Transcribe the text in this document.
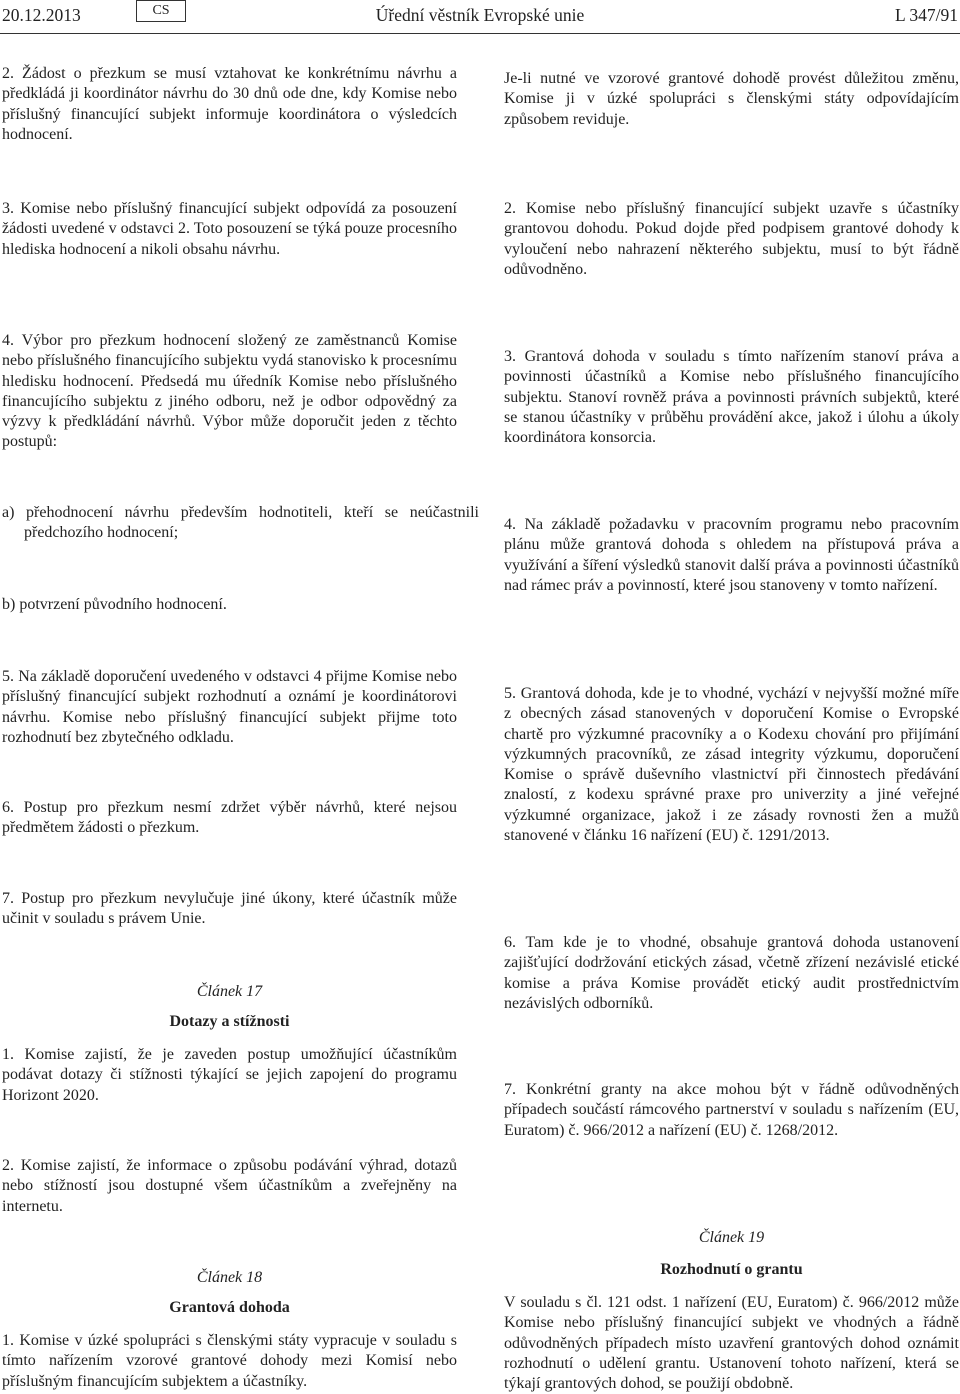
20.12.2013	CS	Úřední věstník Evropské unie	L 347/91

2. Žádost o přezkum se musí vztahovat ke konkrétnímu návrhu a předkládá ji koordinátor návrhu do 30 dnů ode dne, kdy Komise nebo příslušný financující subjekt informuje koordinátora o výsledcích hodnocení.

3. Komise nebo příslušný financující subjekt odpovídá za posouzení žádosti uvedené v odstavci 2. Toto posouzení se týká pouze procesního hlediska hodnocení a nikoli obsahu návrhu.

4. Výbor pro přezkum hodnocení složený ze zaměstnanců Komise nebo příslušného financujícího subjektu vydá stanovisko k procesnímu hledisku hodnocení. Předsedá mu úředník Komise nebo příslušného financujícího subjektu z jiného odboru, než je odbor odpovědný za výzvy k předkládání návrhů. Výbor může doporučit jeden z těchto postupů:

a) přehodnocení návrhu především hodnotiteli, kteří se neúčastnili předchozího hodnocení;

b) potvrzení původního hodnocení.

5. Na základě doporučení uvedeného v odstavci 4 přijme Komise nebo příslušný financující subjekt rozhodnutí a oznámí je koordinátorovi návrhu. Komise nebo příslušný financující subjekt přijme toto rozhodnutí bez zbytečného odkladu.

6. Postup pro přezkum nesmí zdržet výběr návrhů, které nejsou předmětem žádosti o přezkum.

7. Postup pro přezkum nevylučuje jiné úkony, které účastník může učinit v souladu s právem Unie.

Článek 17

Dotazy a stížnosti

1. Komise zajistí, že je zaveden postup umožňující účastníkům podávat dotazy či stížnosti týkající se jejich zapojení do programu Horizont 2020.

2. Komise zajistí, že informace o způsobu podávání výhrad, dotazů nebo stížností jsou dostupné všem účastníkům a zveřejněny na internetu.

Článek 18

Grantová dohoda

1. Komise v úzké spolupráci s členskými státy vypracuje v souladu s tímto nařízením vzorové grantové dohody mezi Komisí nebo příslušným financujícím subjektem a účastníky.

Je-li nutné ve vzorové grantové dohodě provést důležitou změnu, Komise ji v úzké spolupráci s členskými státy odpovídajícím způsobem reviduje.

2. Komise nebo příslušný financující subjekt uzavře s účastníky grantovou dohodu. Pokud dojde před podpisem grantové dohody k vyloučení nebo nahrazení některého subjektu, musí to být řádně odůvodněno.

3. Grantová dohoda v souladu s tímto nařízením stanoví práva a povinnosti účastníků a Komise nebo příslušného financujícího subjektu. Stanoví rovněž práva a povinnosti právních subjektů, které se stanou účastníky v průběhu provádění akce, jakož i úlohu a úkoly koordinátora konsorcia.

4. Na základě požadavku v pracovním programu nebo pracovním plánu může grantová dohoda s ohledem na přístupová práva a využívání a šíření výsledků stanovit další práva a povinnosti účastníků nad rámec práv a povinností, které jsou stanoveny v tomto nařízení.

5. Grantová dohoda, kde je to vhodné, vychází v nejvyšší možné míře z obecných zásad stanovených v doporučení Komise o Evropské chartě pro výzkumné pracovníky a o Kodexu chování pro přijímání výzkumných pracovníků, ze zásad integrity výzkumu, doporučení Komise o správě duševního vlastnictví při činnostech předávání znalostí, z kodexu správné praxe pro univerzity a jiné veřejné výzkumné organizace, jakož i ze zásady rovnosti žen a mužů stanovené v článku 16 nařízení (EU) č. 1291/2013.

6. Tam kde je to vhodné, obsahuje grantová dohoda ustanovení zajišťující dodržování etických zásad, včetně zřízení nezávislé etické komise a práva Komise provádět etický audit prostřednictvím nezávislých odborníků.

7. Konkrétní granty na akce mohou být v řádně odůvodněných případech součástí rámcového partnerství v souladu s nařízením (EU, Euratom) č. 966/2012 a nařízení (EU) č. 1268/2012.

Článek 19

Rozhodnutí o grantu

V souladu s čl. 121 odst. 1 nařízení (EU, Euratom) č. 966/2012 může Komise nebo příslušný financující subjekt ve vhodných a řádně odůvodněných případech místo uzavření grantových dohod oznámit rozhodnutí o udělení grantu. Ustanovení tohoto nařízení, která se týkají grantových dohod, se použijí obdobně.
